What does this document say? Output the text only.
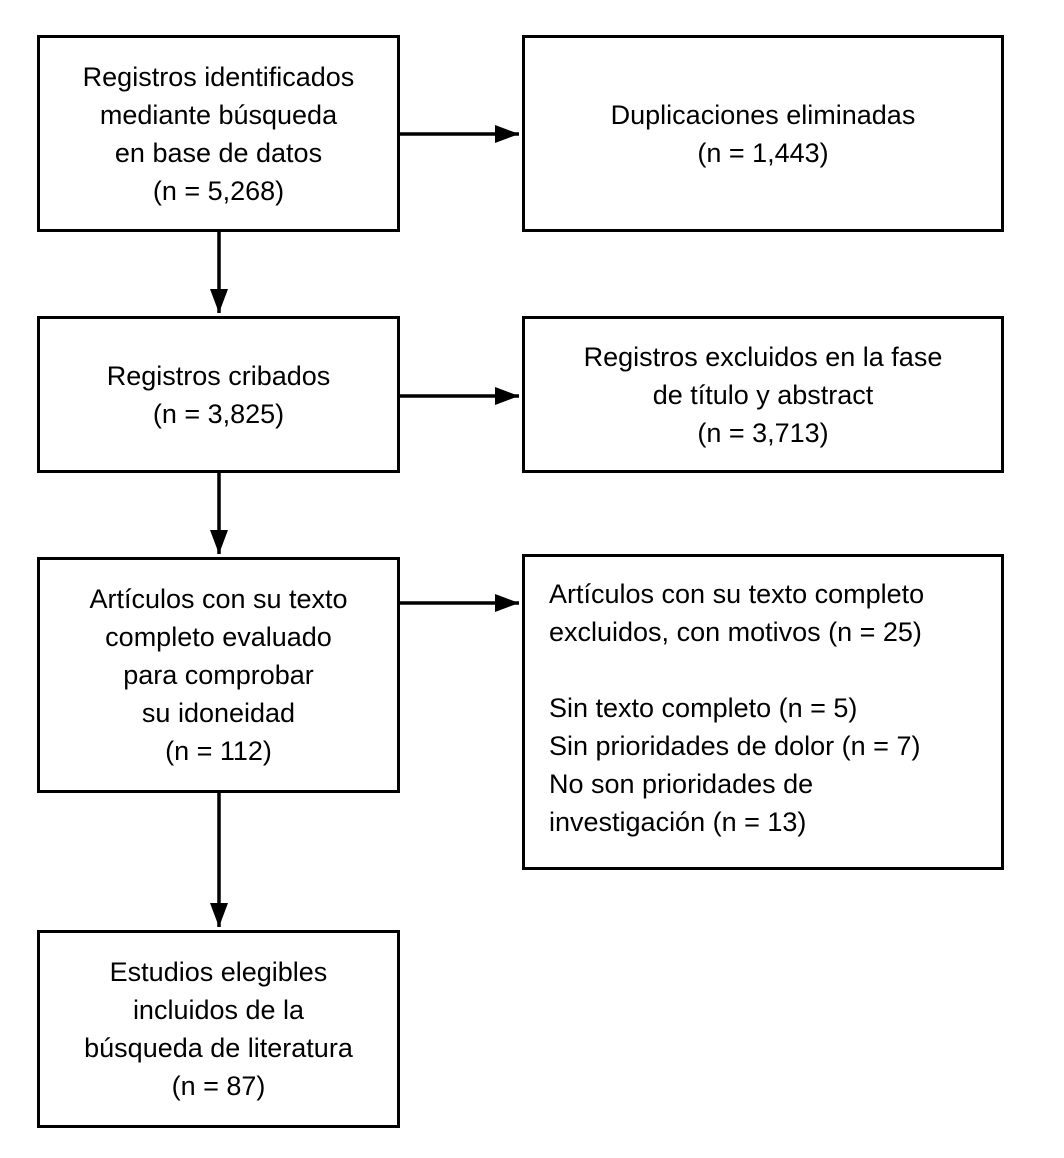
Registros identificados
mediante búsqueda
en base de datos
(n = 5,268)
Duplicaciones eliminadas
(n = 1,443)
Registros cribados
(n = 3,825)
Registros excluidos en la fase
de título y abstract
(n = 3,713)
Artículos con su texto
completo evaluado
para comprobar
su idoneidad
(n = 112)
Artículos con su texto completo
excluidos, con motivos (n = 25)
Sin texto completo (n = 5)
Sin prioridades de dolor (n = 7)
No son prioridades de
investigación (n = 13)
Estudios elegibles
incluidos de la
búsqueda de literatura
(n = 87)
